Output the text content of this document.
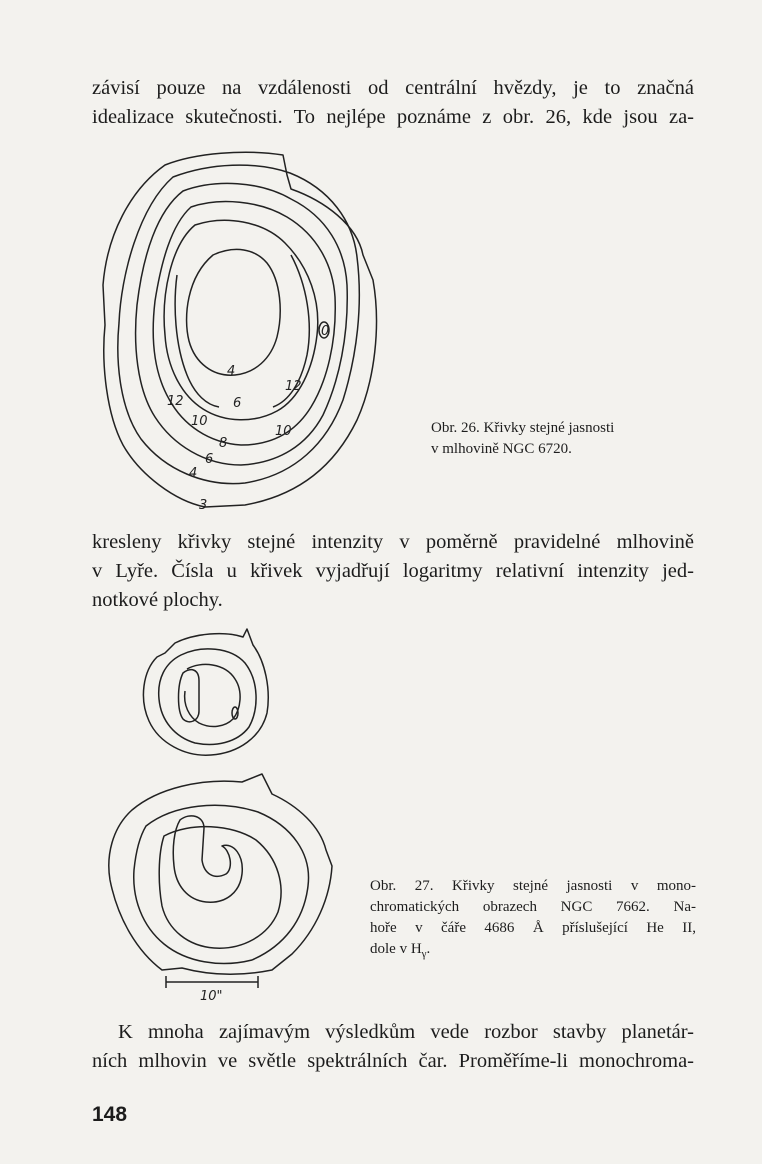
závisí pouze na vzdálenosti od centrální hvězdy, je to značná
idealizace skutečnosti. To nejlépe poznáme z obr. 26, kde jsou za-

0
4
12	6
12
10
10
8
6
4
3

Obr. 26. Křivky stejné jasnosti
v mlhovině NGC 6720.

kresleny křivky stejné intenzity v poměrně pravidelné mlhovině
v Lyře. Čísla u křivek vyjadřují logaritmy relativní intenzity jed-
notkové plochy.

10"

Obr. 27. Křivky stejné jasnosti v mono-
chromatických obrazech NGC 7662. Na-
hoře v čáře 4686 Å příslušející He II,
dole v $H_\gamma$.

K mnoha zajímavým výsledkům vede rozbor stavby planetár-
ních mlhovin ve světle spektrálních čar. Proměříme-li monochroma-

148
